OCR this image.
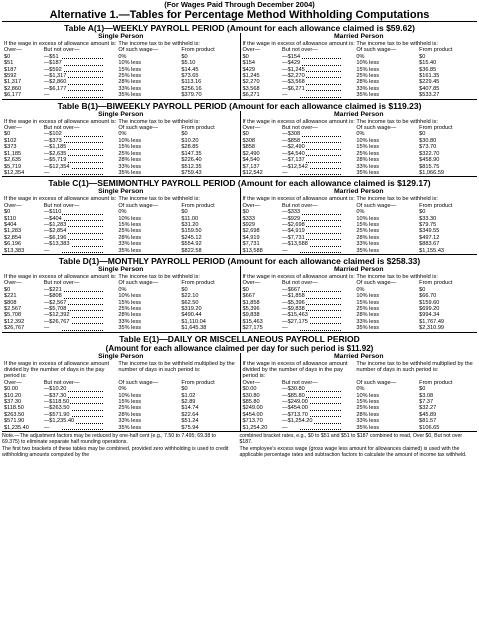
(For Wages Paid Through December 2004)
Alternative 1.—Tables for Percentage Method Withholding Computations
Table A(1)—WEEKLY PAYROLL PERIOD (Amount for each allowance claimed is $59.62)
Single Person
If the wage in excess of allowance amount is: The income tax to be withheld is:
Over—	But not over—	Of such wage—	From product
$0	—$51	0%	$0
$51	—$187	10% less	$5.10
$187	—$592	15% less	$14.45
$592	—$1,317	25% less	$73.65
$1,317	—$2,860	28% less	$113.16
$2,860	—$6,177	33% less	$256.16
$6,177	—	35% less	$379.70
Married Person
If the wage in excess of allowance amount is: The income tax to be withheld is:
Over—	But not over—	Of such wage—	From product
$0	—$154	0%	$0
$154	—$429	10% less	$15.40
$429	—$1,245	15% less	$36.85
$1,245	—$2,270	25% less	$161.35
$2,270	—$3,568	28% less	$229.45
$3,568	—$6,271	33% less	$407.85
$6,271	—	35% less	$533.27
Table B(1)—BIWEEKLY PAYROLL PERIOD (Amount for each allowance claimed is $119.23)
Single Person
If the wage in excess of allowance amount is: The income tax to be withheld is:
Over—	But not over—	Of such wage—	From product
$0	—$102	0%	$0
$102	—$373	10% less	$10.20
$373	—$1,185	15% less	$28.85
$1,185	—$2,635	25% less	$147.35
$2,635	—$5,719	28% less	$226.40
$5,719	—$12,354	33% less	$512.35
$12,354	—	35% less	$759.43
Married Person
If the wage in excess of allowance amount is: The income tax to be withheld is:
Over—	But not over—	Of such wage—	From product
$0	—$308	0%	$0
$308	—$858	10% less	$30.80
$858	—$2,490	15% less	$73.70
$2,490	—$4,540	25% less	$322.70
$4,540	—$7,137	28% less	$458.90
$7,137	—$12,542	33% less	$815.75
$12,542	—	35% less	$1,066.59
Table C(1)—SEMIMONTHLY PAYROLL PERIOD (Amount for each allowance claimed is $129.17)
Single Person
If the wage in excess of allowance amount is: The income tax to be withheld is:
Over—	But not over—	Of such wage—	From product
$0	—$110	0%	$0
$110	—$404	10% less	$11.00
$404	—$1,283	15% less	$31.20
$1,283	—$2,854	25% less	$159.50
$2,854	—$6,196	28% less	$245.12
$6,196	—$13,383	33% less	$554.92
$13,383	—	35% less	$822.58
Married Person
If the wage in excess of allowance amount is: The income tax to be withheld is:
Over—	But not over—	Of such wage—	From product
$0	—$333	0%	$0
$333	—$929	10% less	$33.30
$929	—$2,698	15% less	$79.75
$2,698	—$4,919	25% less	$349.55
$4,919	—$7,731	28% less	$497.12
$7,731	—$13,588	33% less	$883.67
$13,588	—	35% less	$1,155.43
Table D(1)—MONTHLY PAYROLL PERIOD (Amount for each allowance claimed is $258.33)
Single Person
If the wage in excess of allowance amount is: The income tax to be withheld is:
Over—	But not over—	Of such wage—	From product
$0	—$221	0%	$0
$221	—$808	10% less	$22.10
$808	—$2,567	15% less	$62.50
$2,567	—$5,708	25% less	$319.20
$5,708	—$12,392	28% less	$490.44
$12,392	—$26,767	33% less	$1,110.04
$26,767	—	35% less	$1,645.38
Married Person
If the wage in excess of allowance amount is: The income tax to be withheld is:
Over—	But not over—	Of such wage—	From product
$0	—$667	0%	$0
$667	—$1,858	10% less	$66.70
$1,858	—$5,396	15% less	$159.60
$5,396	—$9,838	25% less	$699.20
$9,838	—$15,463	28% less	$994.34
$15,463	—$27,175	33% less	$1,767.49
$27,175	—	35% less	$2,310.99
Table E(1)—DAILY OR MISCELLANEOUS PAYROLL PERIOD
(Amount for each allowance claimed per day for such period is $11.92)
Single Person
If the wage in excess of allowance amount divided by the number of days in the pay period is:
The income tax to be withheld multiplied by the number of days in such period is:
Over—	But not over—	Of such wage—	From product
$0.00	—$10.20	0%	$0
$10.20	—$37.30	10% less	$1.02
$37.30	—$118.50	15% less	$2.89
$118.50	—$263.50	25% less	$14.74
$263.50	—$571.90	28% less	$22.64
$571.90	—$1,235.40	33% less	$51.24
$1,235.40	—	35% less	$75.94
Married Person
If the wage in excess of allowance amount divided by the number of days in the pay period is:
The income tax to be withheld multiplied by the number of days in such period is:
Over—	But not over—	Of such wage—	From product
$0.00	—$30.80	0%	$0
$30.80	—$85.80	10% less	$3.08
$85.80	—$249.00	15% less	$7.37
$249.00	—$454.00	25% less	$32.27
$454.00	—$713.70	28% less	$45.89
$713.70	—$1,254.20	33% less	$81.57
$1,254.20	—	35% less	$106.65

Note.—The adjustment factors may be reduced by one-half cent (e.g., 7.50 to 7.495; 69.38 to 69.375) to eliminate separate half rounding operations.

The first two brackets of these tables may be combined, provided zero withholding is used to credit withholding amounts computed by the

combined bracket rates, e.g., $0 to $51 and $51 to $187 combined to read, Over $0, But not over $187.

The employee's excess wage (gross wage less amount for allowances claimed) is used with the applicable percentage rates and subtraction factors to calculate the amount of income tax withheld.
